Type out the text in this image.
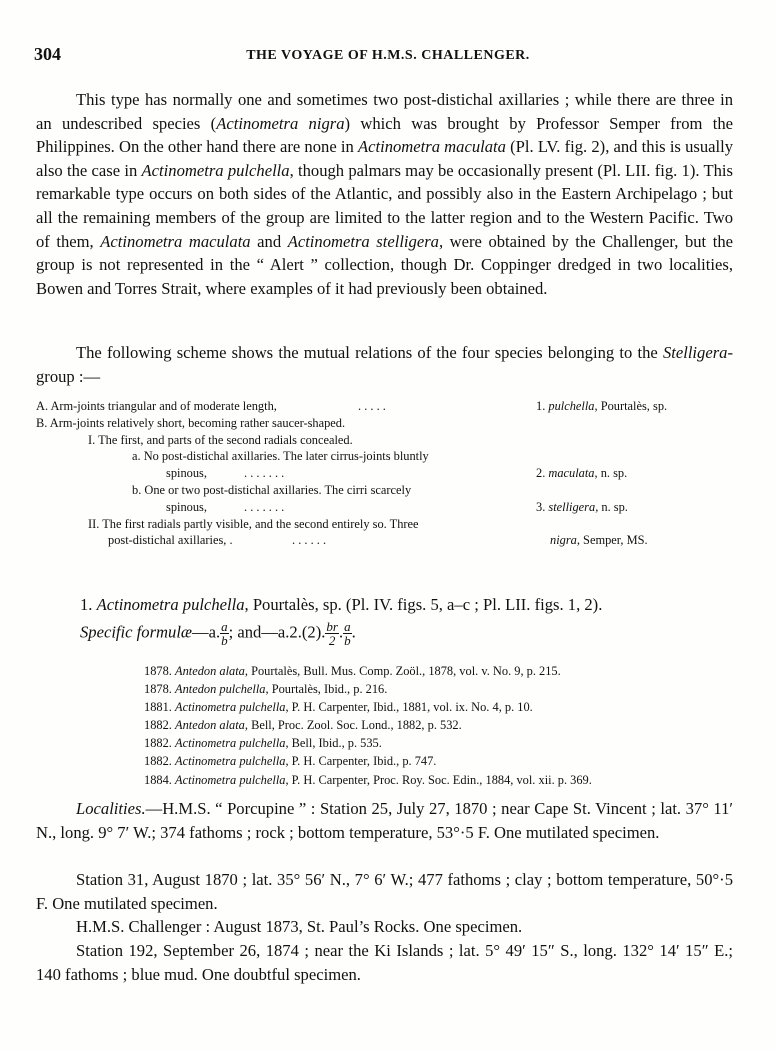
304	THE VOYAGE OF H.M.S. CHALLENGER.

This type has normally one and sometimes two post-distichal axillaries ; while there are three in an undescribed species (Actinometra nigra) which was brought by Professor Semper from the Philippines. On the other hand there are none in Actinometra maculata (Pl. LV. fig. 2), and this is usually also the case in Actinometra pulchella, though palmars may be occasionally present (Pl. LII. fig. 1). This remarkable type occurs on both sides of the Atlantic, and possibly also in the Eastern Archipelago ; but all the remaining members of the group are limited to the latter region and to the Western Pacific. Two of them, Actinometra maculata and Actinometra stelligera, were obtained by the Challenger, but the group is not represented in the “ Alert ” collection, though Dr. Coppinger dredged in two localities, Bowen and Torres Strait, where examples of it had previously been obtained.

The following scheme shows the mutual relations of the four species belonging to the Stelligera-group :—

A. Arm-joints triangular and of moderate length,	. . . . .	1. pulchella, Pourtalès, sp.
B. Arm-joints relatively short, becoming rather saucer-shaped.
I. The first, and parts of the second radials concealed.
a. No post-distichal axillaries. The later cirrus-joints bluntly
spinous,	. . . . . . .	2. maculata, n. sp.
b. One or two post-distichal axillaries. The cirri scarcely
spinous,	. . . . . . .	3. stelligera, n. sp.
II. The first radials partly visible, and the second entirely so. Three
post-distichal axillaries, .	. . . . . .	nigra, Semper, MS.
1. Actinometra pulchella, Pourtalès, sp. (Pl. IV. figs. 5, a–c ; Pl. LII. figs. 1, 2).
Specific formulæ—a. $\frac{a}{b}$ ; and—a.2.(2). $\frac{br}{2}$ . $\frac{a}{b}$ .
1878. Antedon alata, Pourtalès, Bull. Mus. Comp. Zoöl., 1878, vol. v. No. 9, p. 215.
1878. Antedon pulchella, Pourtalès, Ibid., p. 216.
1881. Actinometra pulchella, P. H. Carpenter, Ibid., 1881, vol. ix. No. 4, p. 10.
1882. Antedon alata, Bell, Proc. Zool. Soc. Lond., 1882, p. 532.
1882. Actinometra pulchella, Bell, Ibid., p. 535.
1882. Actinometra pulchella, P. H. Carpenter, Ibid., p. 747.
1884. Actinometra pulchella, P. H. Carpenter, Proc. Roy. Soc. Edin., 1884, vol. xii. p. 369.

Localities.—H.M.S. “ Porcupine ” : Station 25, July 27, 1870 ; near Cape St. Vincent ; lat. 37° 11′ N., long. 9° 7′ W.; 374 fathoms ; rock ; bottom temperature, 53°·5 F. One mutilated specimen.

Station 31, August 1870 ; lat. 35° 56′ N., 7° 6′ W.; 477 fathoms ; clay ; bottom temperature, 50°·5 F. One mutilated specimen.

H.M.S. Challenger : August 1873, St. Paul’s Rocks. One specimen.

Station 192, September 26, 1874 ; near the Ki Islands ; lat. 5° 49′ 15″ S., long. 132° 14′ 15″ E.; 140 fathoms ; blue mud. One doubtful specimen.
